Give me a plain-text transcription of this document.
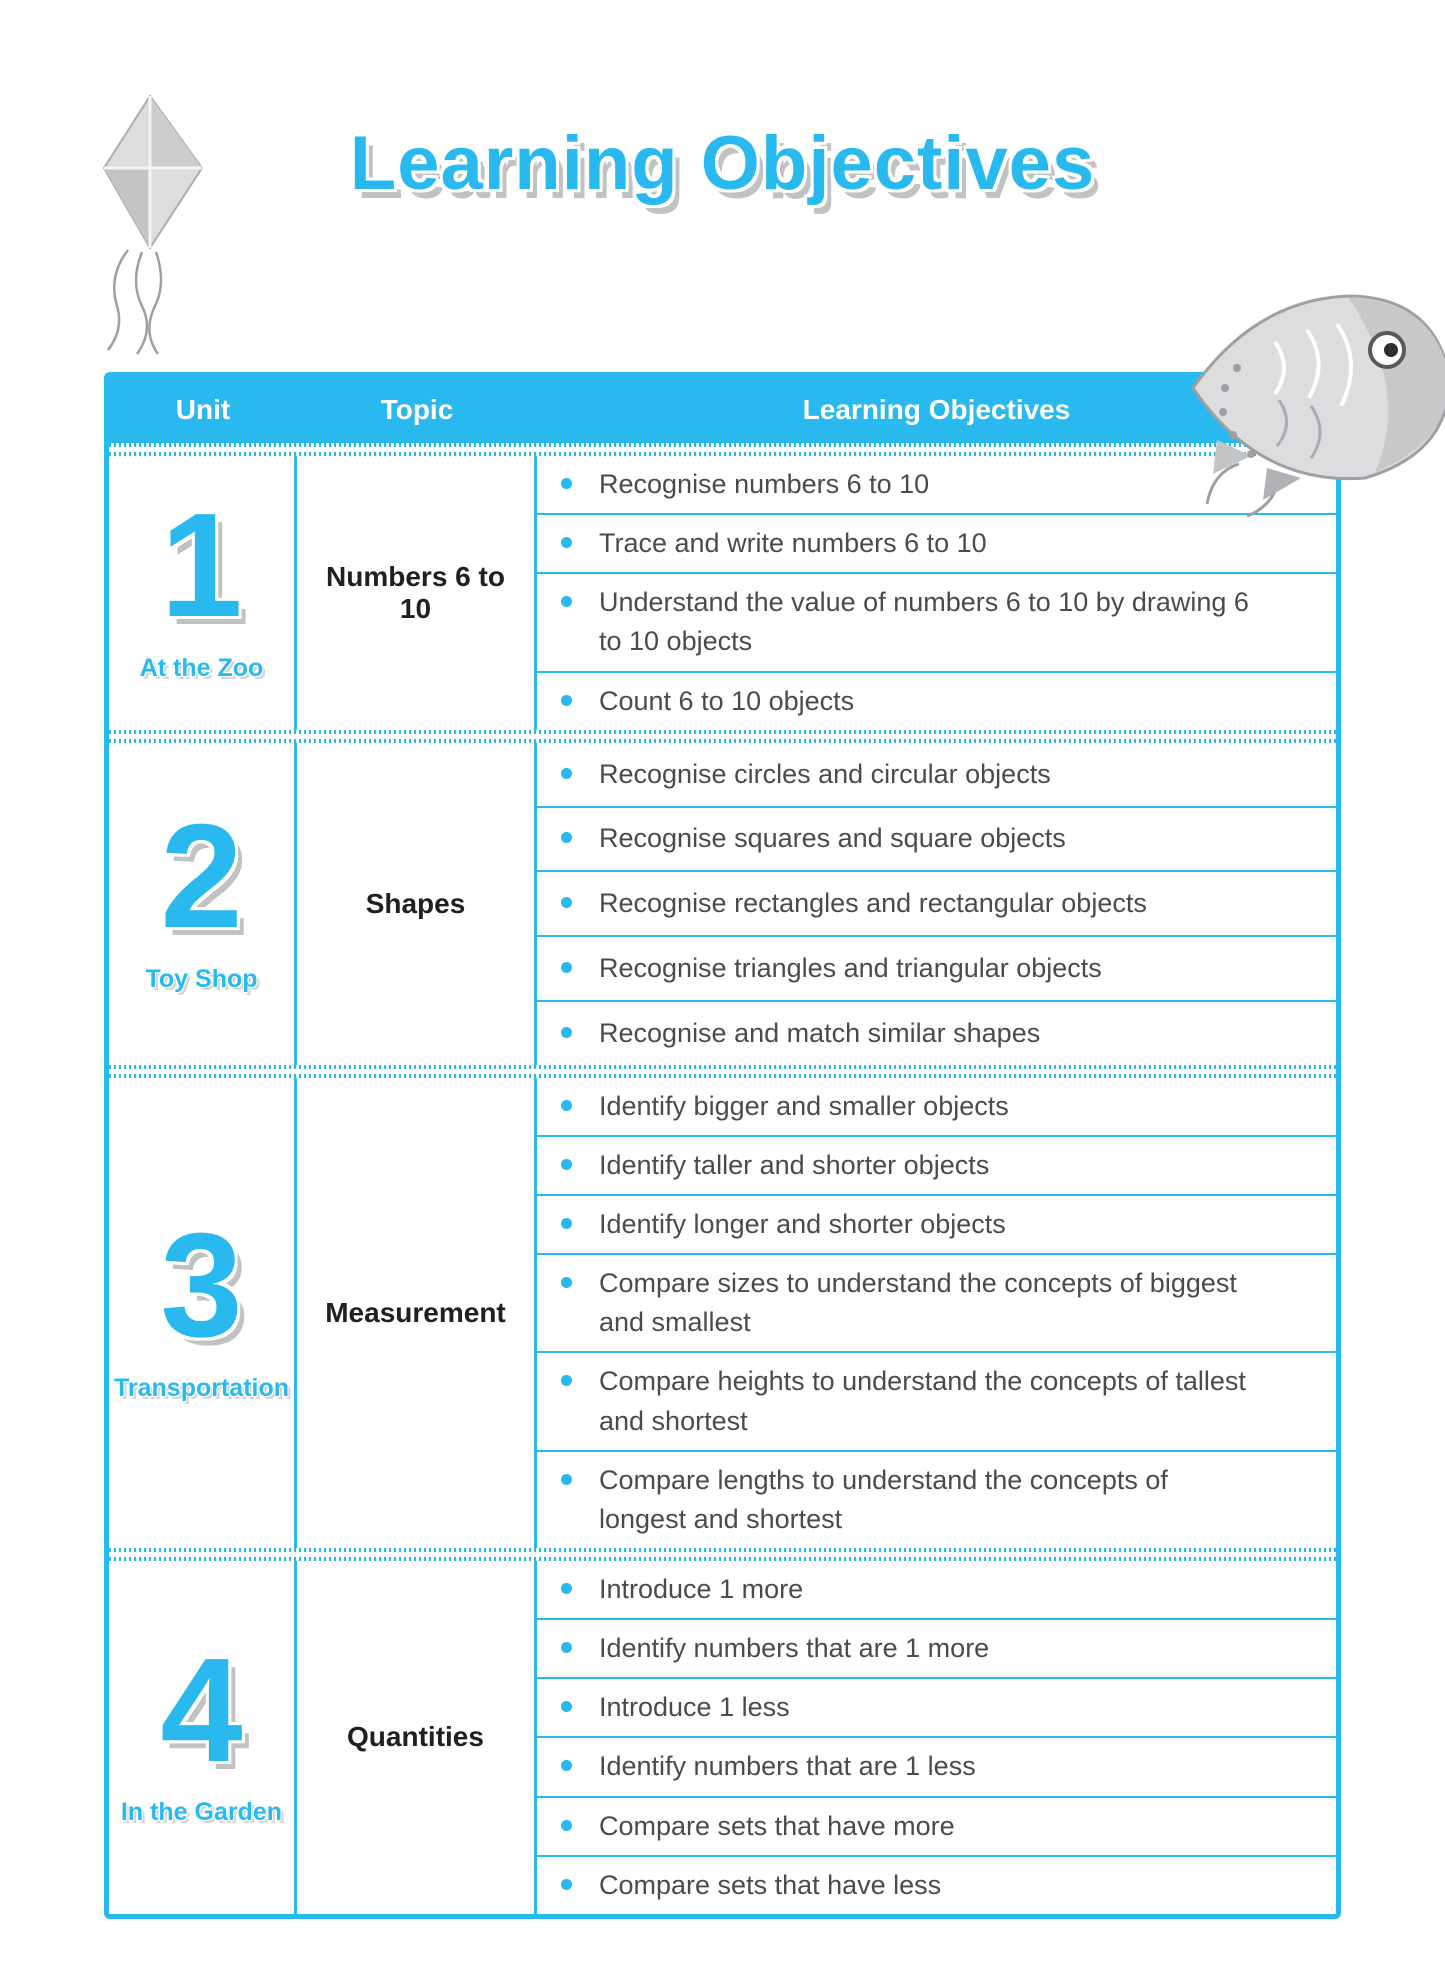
Learning Objectives
Unit	Topic	Learning Objectives
1
At the Zoo
Numbers 6 to 10
Recognise numbers 6 to 10
Trace and write numbers 6 to 10
Understand the value of numbers 6 to 10 by drawing 6 to 10 objects
Count 6 to 10 objects
2
Toy Shop
Shapes
Recognise circles and circular objects
Recognise squares and square objects
Recognise rectangles and rectangular objects
Recognise triangles and triangular objects
Recognise and match similar shapes
3
Transportation
Measurement
Identify bigger and smaller objects
Identify taller and shorter objects
Identify longer and shorter objects
Compare sizes to understand the concepts of biggest and smallest
Compare heights to understand the concepts of tallest and shortest
Compare lengths to understand the concepts of longest and shortest
4
In the Garden
Quantities
Introduce 1 more
Identify numbers that are 1 more
Introduce 1 less
Identify numbers that are 1 less
Compare sets that have more
Compare sets that have less
